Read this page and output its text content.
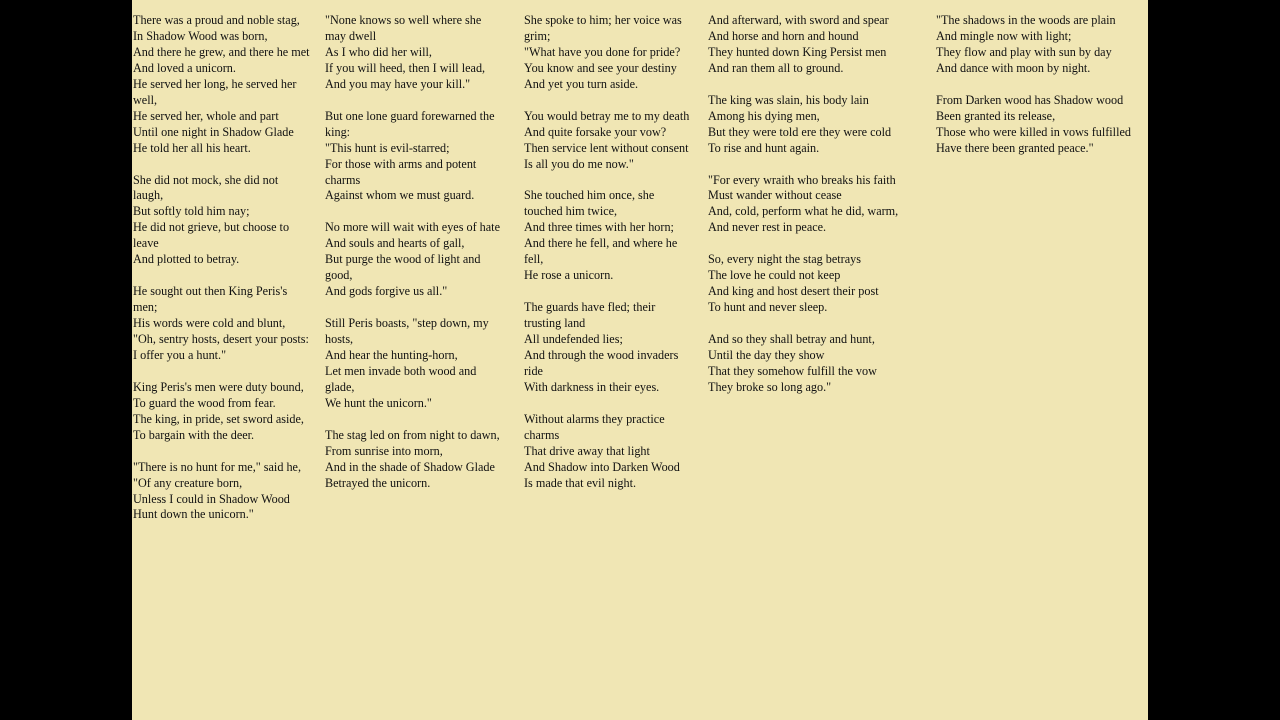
There was a proud and noble stag,
In Shadow Wood was born,
And there he grew, and there he met
And loved a unicorn.
He served her long, he served her well,
He served her, whole and part
Until one night in Shadow Glade
He told her all his heart.
She did not mock, she did not laugh,
But softly told him nay;
He did not grieve, but choose to leave
And plotted to betray.
He sought out then King Peris's men;
His words were cold and blunt,
"Oh, sentry hosts, desert your posts:
I offer you a hunt."
King Peris's men were duty bound,
To guard the wood from fear.
The king, in pride, set sword aside,
To bargain with the deer.
"There is no hunt for me," said he,
"Of any creature born,
Unless I could in Shadow Wood
Hunt down the unicorn."
"None knows so well where she may dwell
As I who did her will,
If you will heed, then I will lead,
And you may have your kill."
But one lone guard forewarned the king:
"This hunt is evil-starred;
For those with arms and potent charms
Against whom we must guard.
No more will wait with eyes of hate
And souls and hearts of gall,
But purge the wood of light and good,
And gods forgive us all."
Still Peris boasts, "step down, my hosts,
And hear the hunting-horn,
Let men invade both wood and glade,
We hunt the unicorn."
The stag led on from night to dawn,
From sunrise into morn,
And in the shade of Shadow Glade
Betrayed the unicorn.
She spoke to him; her voice was grim;
"What have you done for pride?
You know and see your destiny
And yet you turn aside.
You would betray me to my death
And quite forsake your vow?
Then service lent without consent
Is all you do me now."
She touched him once, she touched him twice,
And three times with her horn;
And there he fell, and where he fell,
He rose a unicorn.
The guards have fled; their trusting land
All undefended lies;
And through the wood invaders ride
With darkness in their eyes.
Without alarms they practice charms
That drive away that light
And Shadow into Darken Wood
Is made that evil night.
And afterward, with sword and spear
And horse and horn and hound
They hunted down King Persist men
And ran them all to ground.
The king was slain, his body lain
Among his dying men,
But they were told ere they were cold
To rise and hunt again.
"For every wraith who breaks his faith
Must wander without cease
And, cold, perform what he did, warm,
And never rest in peace.
So, every night the stag betrays
The love he could not keep
And king and host desert their post
To hunt and never sleep.
And so they shall betray and hunt,
Until the day they show
That they somehow fulfill the vow
They broke so long ago."
"The shadows in the woods are plain
And mingle now with light;
They flow and play with sun by day
And dance with moon by night.
From Darken wood has Shadow wood
Been granted its release,
Those who were killed in vows fulfilled
Have there been granted peace."
